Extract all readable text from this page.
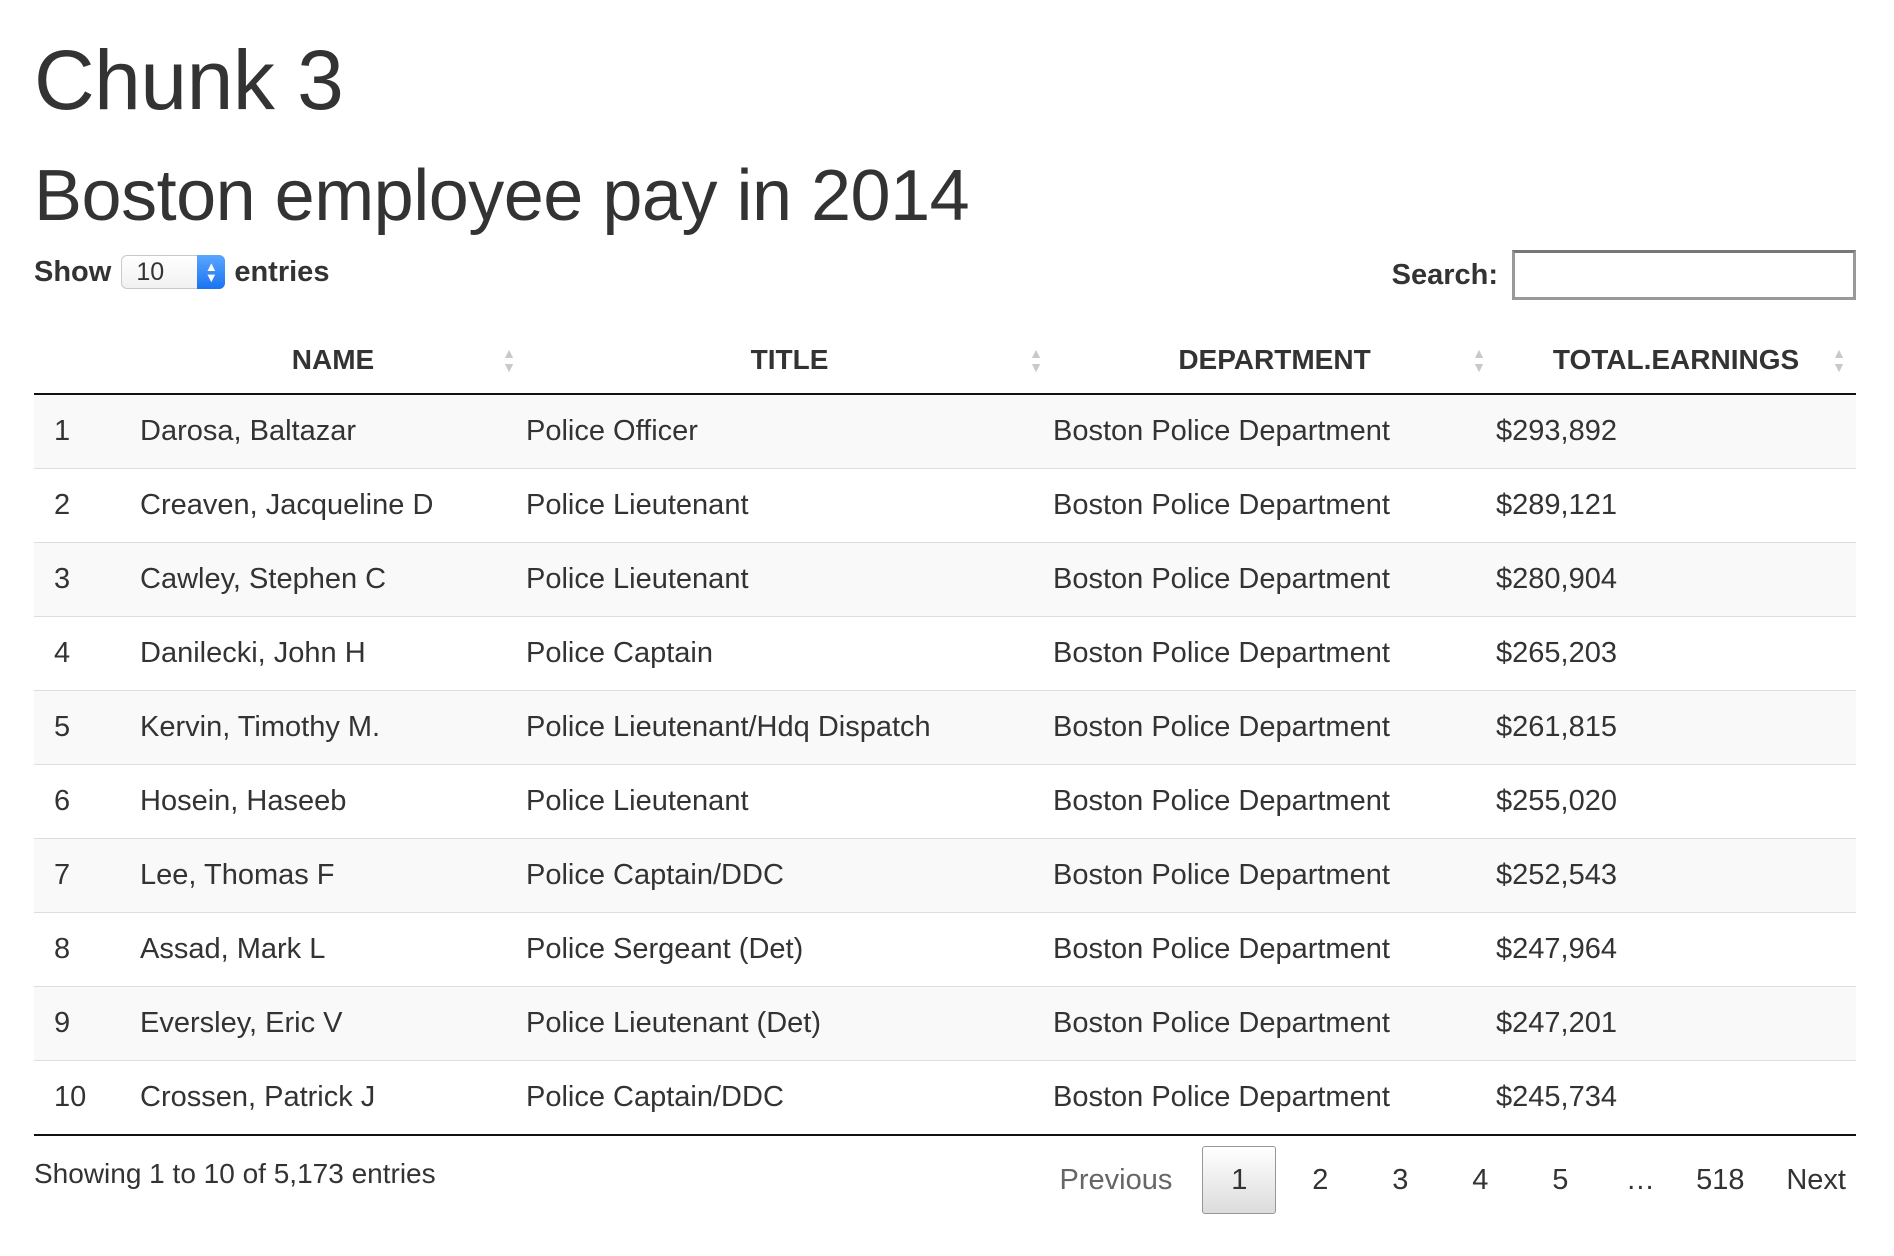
Chunk 3
Boston employee pay in 2014
Show	10	▲
▼ entries	Search:
	NAME ▲
▼	TITLE ▲
▼	DEPARTMENT ▲
▼	TOTAL.EARNINGS ▲
▼

1	Darosa, Baltazar	Police Officer	Boston Police Department	$293,892
2	Creaven, Jacqueline D	Police Lieutenant	Boston Police Department	$289,121
3	Cawley, Stephen C	Police Lieutenant	Boston Police Department	$280,904
4	Danilecki, John H	Police Captain	Boston Police Department	$265,203
5	Kervin, Timothy M.	Police Lieutenant/Hdq Dispatch	Boston Police Department	$261,815
6	Hosein, Haseeb	Police Lieutenant	Boston Police Department	$255,020
7	Lee, Thomas F	Police Captain/DDC	Boston Police Department	$252,543
8	Assad, Mark L	Police Sergeant (Det)	Boston Police Department	$247,964
9	Eversley, Eric V	Police Lieutenant (Det)	Boston Police Department	$247,201
10	Crossen, Patrick J	Police Captain/DDC	Boston Police Department	$245,734
Showing 1 to 10 of 5,173 entries	Previous	1	2	3	4	5	…	518	Next
